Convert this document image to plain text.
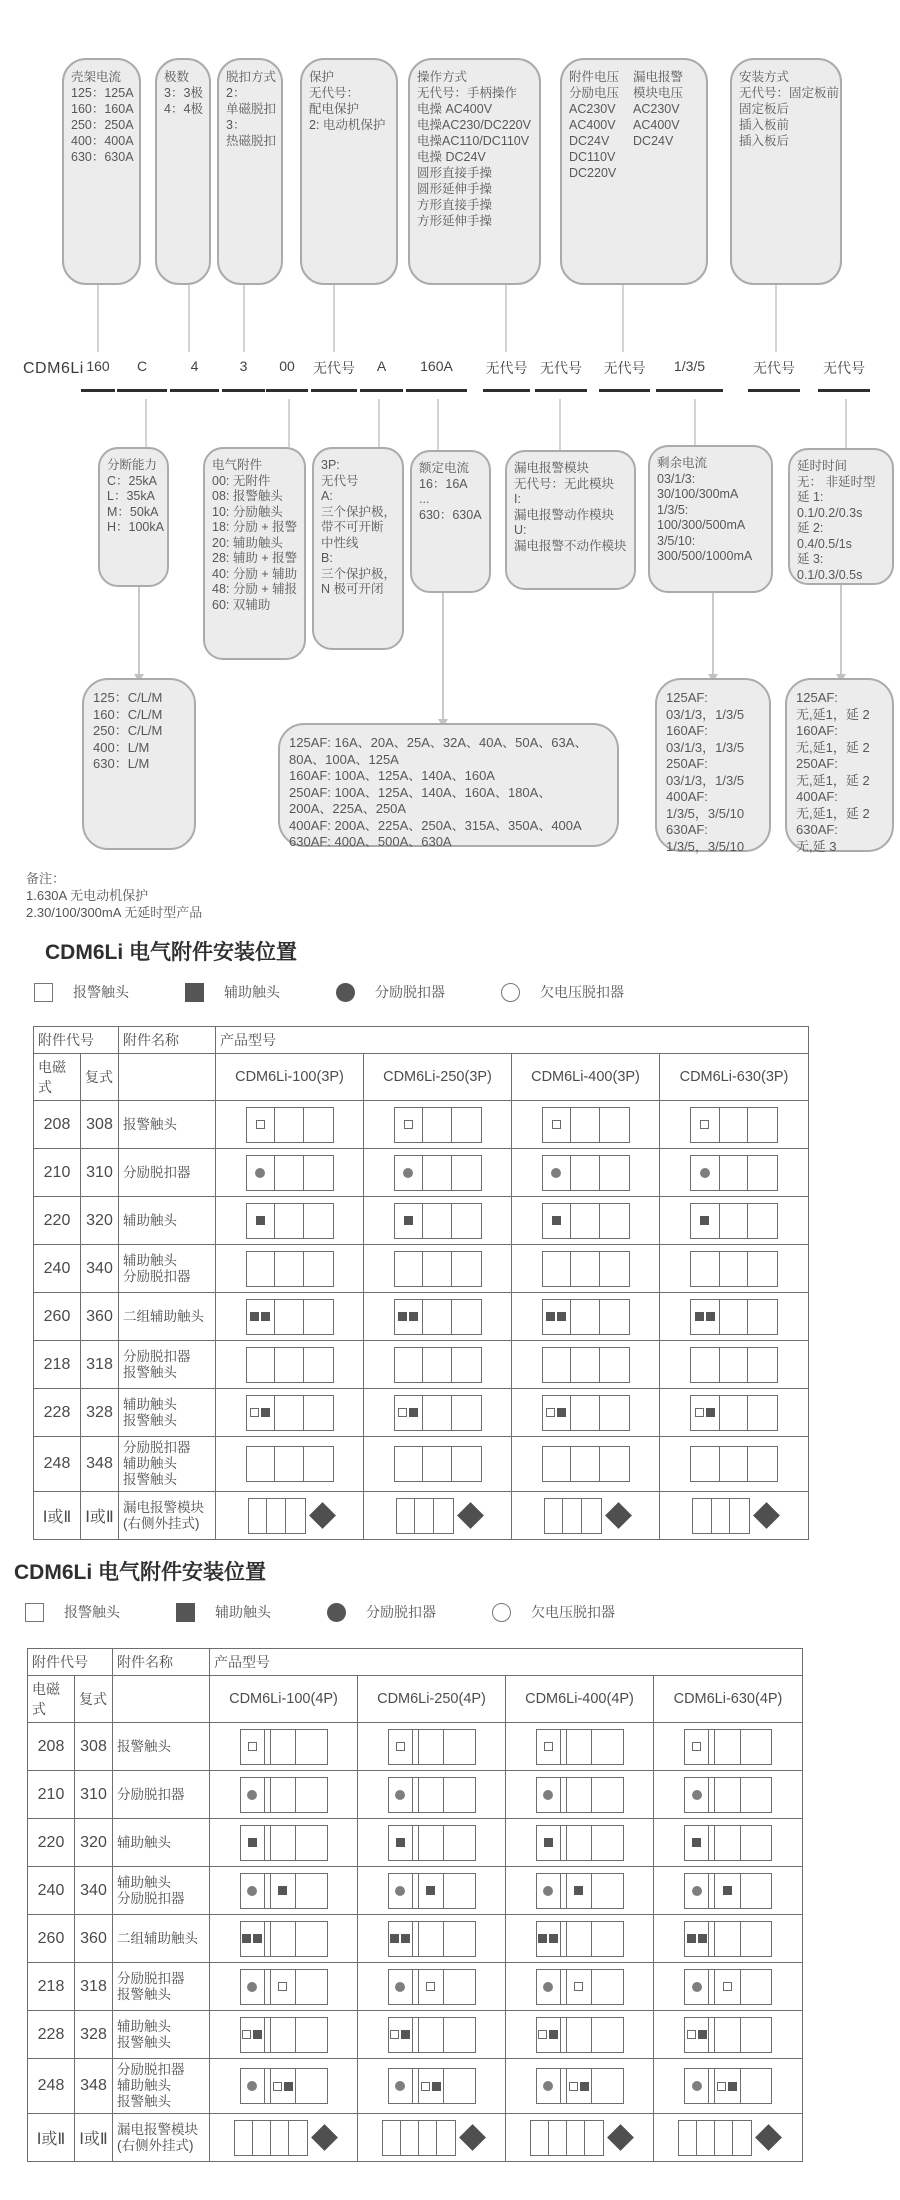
壳架电流
125：125A
160：160A
250：250A
400：400A
630：630A
极数
3：3极
4：4极
脱扣方式
2：
单磁脱扣
3：
热磁脱扣
保护
无代号：
配电保护
2: 电动机保护
操作方式
无代号：手柄操作
电操 AC400V
电操AC230/DC220V
电操AC110/DC110V
电操 DC24V
圆形直接手操
圆形延伸手操
方形直接手操
方形延伸手操
附件电压
分励电压
AC230V
AC400V
DC24V
DC110V
DC220V
漏电报警
模块电压
AC230V
AC400V
DC24V
安装方式
无代号：固定板前
固定板后
插入板前
插入板后
CDM6Li 160	C	4	3	00	无代号	A	160A	无代号 无代号	无代号	1/3/5	无代号	无代号
分断能力
C：25kA
L：35kA
M：50kA
H：100kA
电气附件
00: 无附件
08: 报警触头
10: 分励触头
18: 分励 + 报警
20: 辅助触头
28: 辅助 + 报警
40: 分励 + 辅助
48: 分励 + 辅报
60: 双辅助
3P:
无代号
A:
三个保护极，
带不可开断
中性线
B:
三个保护极，
N 极可开闭
额定电流
16：16A
...
630：630A
漏电报警模块
无代号：无此模块
I:
漏电报警动作模块
U:
漏电报警不动作模块
剩余电流
03/1/3:
30/100/300mA
1/3/5:
100/300/500mA
3/5/10:
300/500/1000mA
延时时间
无： 非延时型
延 1:
0.1/0.2/0.3s
延 2:
0.4/0.5/1s
延 3:
0.1/0.3/0.5s
125：C/L/M
160：C/L/M
250：C/L/M
400：L/M
630：L/M
125AF: 16A、20A、25A、32A、40A、50A、63A、
80A、100A、125A
160AF: 100A、125A、140A、160A
250AF: 100A、125A、140A、160A、180A、
200A、225A、250A
400AF: 200A、225A、250A、315A、350A、400A
630AF: 400A、500A、630A
125AF:
03/1/3，1/3/5
160AF:
03/1/3，1/3/5
250AF:
03/1/3，1/3/5
400AF:
1/3/5，3/5/10
630AF:
1/3/5，3/5/10
125AF:
无,延1，延 2
160AF:
无,延1，延 2
250AF:
无,延1，延 2
400AF:
无,延1，延 2
630AF:
无,延 3
备注：
1.630A 无电动机保护
2.30/100/300mA 无延时型产品
CDM6Li 电气附件安装位置
报警触头	辅助触头	分励脱扣器	欠电压脱扣器
附件代号		附件名称	产品型号			
电磁式	复式		CDM6Li-100(3P)	CDM6Li-250(3P)	CDM6Li-400(3P)	CDM6Li-630(3P)
208	308	报警触头				

210	310	分励脱扣器				

220	320	辅助触头				

240	340	辅助触头
分励脱扣器				

260	360	二组辅助触头				

218	318	分励脱扣器
报警触头				

228	328	辅助触头
报警触头				

248	348	分励脱扣器
辅助触头
报警触头				

Ⅰ或Ⅱ	Ⅰ或Ⅱ	漏电报警模块
(右侧外挂式)				

CDM6Li 电气附件安装位置
报警触头	辅助触头	分励脱扣器	欠电压脱扣器
附件代号		附件名称	产品型号			
电磁式	复式		CDM6Li-100(4P)	CDM6Li-250(4P)	CDM6Li-400(4P)	CDM6Li-630(4P)
208	308	报警触头				

210	310	分励脱扣器				

220	320	辅助触头				

240	340	辅助触头
分励脱扣器				

260	360	二组辅助触头				

218	318	分励脱扣器
报警触头				

228	328	辅助触头
报警触头				

248	348	分励脱扣器
辅助触头
报警触头				

Ⅰ或Ⅱ	Ⅰ或Ⅱ	漏电报警模块
(右侧外挂式)				
